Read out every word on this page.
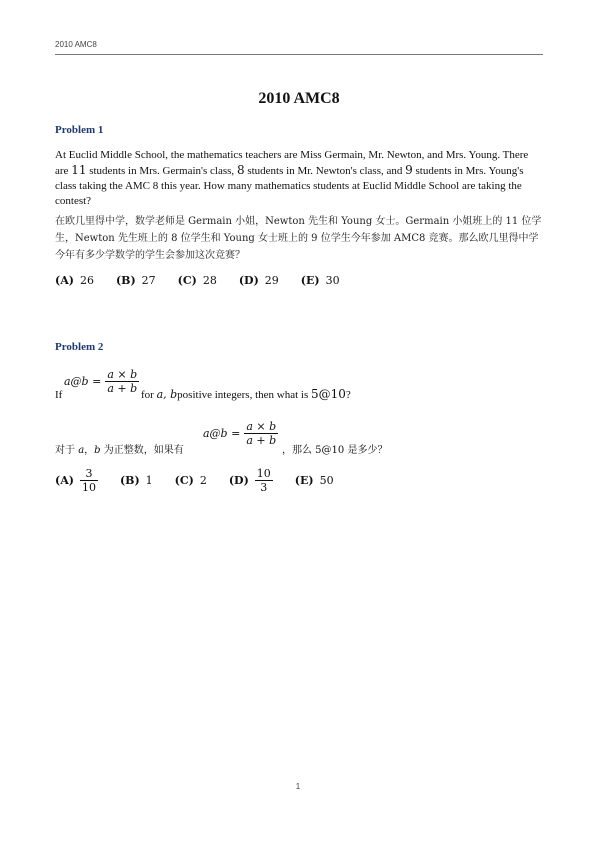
2010 AMC8
2010 AMC8
Problem 1
At Euclid Middle School, the mathematics teachers are Miss Germain, Mr. Newton, and Mrs. Young. There are 11 students in Mrs. Germain's class, 8 students in Mr. Newton's class, and 9 students in Mrs. Young's class taking the AMC 8 this year. How many mathematics students at Euclid Middle School are taking the contest?
在欧几里得中学，数学老师是 Germain 小姐，Newton 先生和 Young 女士。Germain 小姐班上的 11 位学生，Newton 先生班上的 8 位学生和 Young 女士班上的 9 位学生今年参加 AMC8 竞赛。那么欧几里得中学今年有多少学数学的学生会参加这次竞赛？
(A) 26 (B) 27 (C) 28 (D) 29 (E) 30
Problem 2
If
a@b = $\frac{a \times b}{a + b}$ for a, bpositive integers, then what is 5@10?
对于 a，b 为正整数，如果有
a@b = $\frac{a \times b}{a + b}$
，那么 5@10 是多少？
$(A) \frac{3}{10} (B)$ 1 (C) 2 $(D) \frac{10}{3} (E)$ 50
1
